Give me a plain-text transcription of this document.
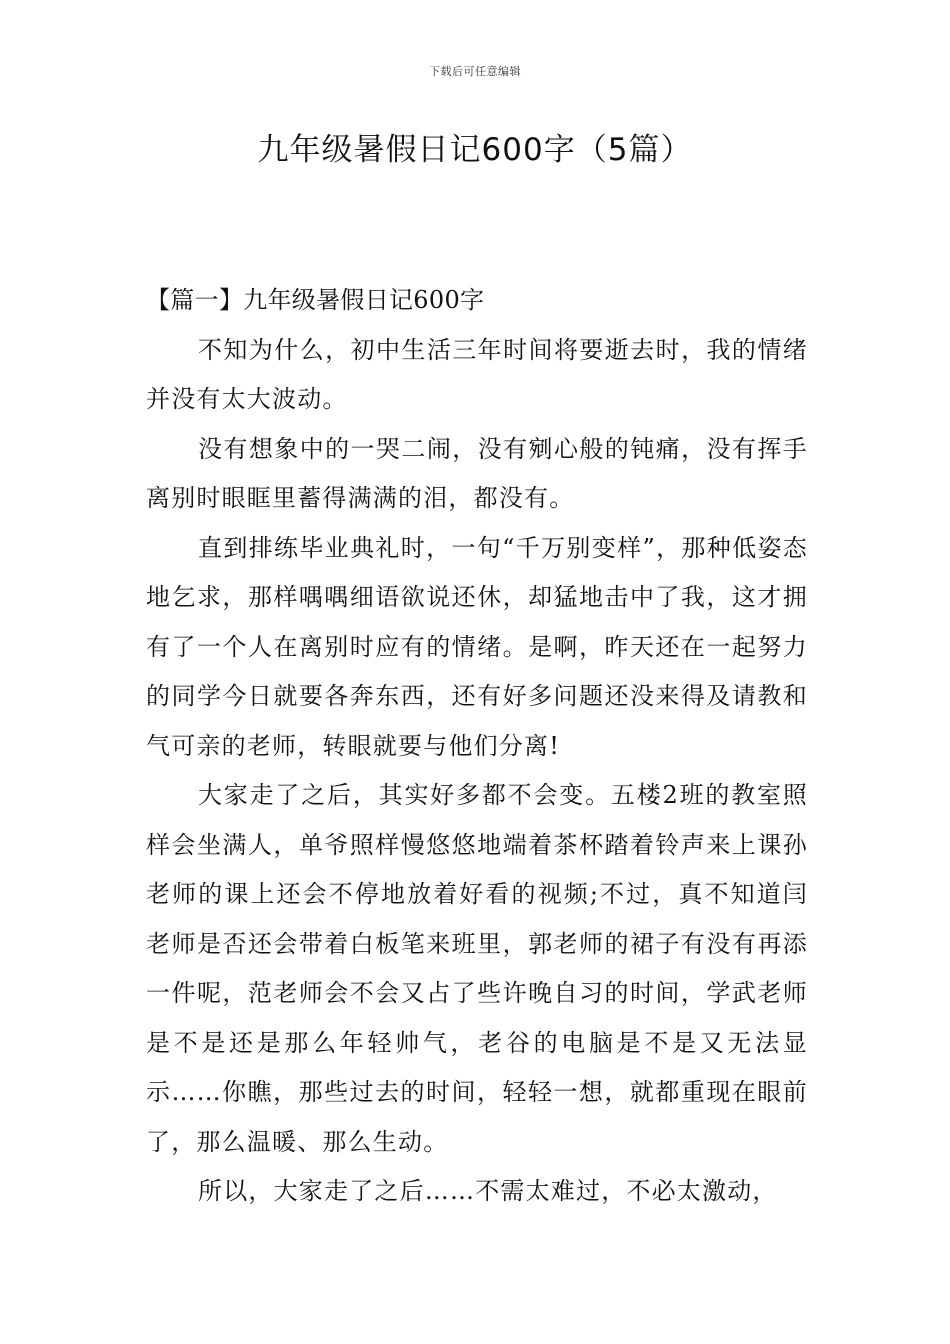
下载后可任意编辑
九年级暑假日记600字（5篇）

【篇一】九年级暑假日记600字

不知为什么，初中生活三年时间将要逝去时，我的情绪并没有太大波动。

没有想象中的一哭二闹，没有剜心般的钝痛，没有挥手离别时眼眶里蓄得满满的泪，都没有。

直到排练毕业典礼时，一句“千万别变样”，那种低姿态地乞求，那样喁喁细语欲说还休，却猛地击中了我，这才拥有了一个人在离别时应有的情绪。是啊，昨天还在一起努力的同学今日就要各奔东西，还有好多问题还没来得及请教和气可亲的老师，转眼就要与他们分离!

大家走了之后，其实好多都不会变。五楼2班的教室照样会坐满人，单爷照样慢悠悠地端着茶杯踏着铃声来上课孙老师的课上还会不停地放着好看的视频;不过，真不知道闫老师是否还会带着白板笔来班里，郭老师的裙子有没有再添一件呢，范老师会不会又占了些许晚自习的时间，学武老师是不是还是那么年轻帅气，老谷的电脑是不是又无法显示……你瞧，那些过去的时间，轻轻一想，就都重现在眼前了，那么温暖、那么生动。

所以，大家走了之后……不需太难过，不必太激动，
